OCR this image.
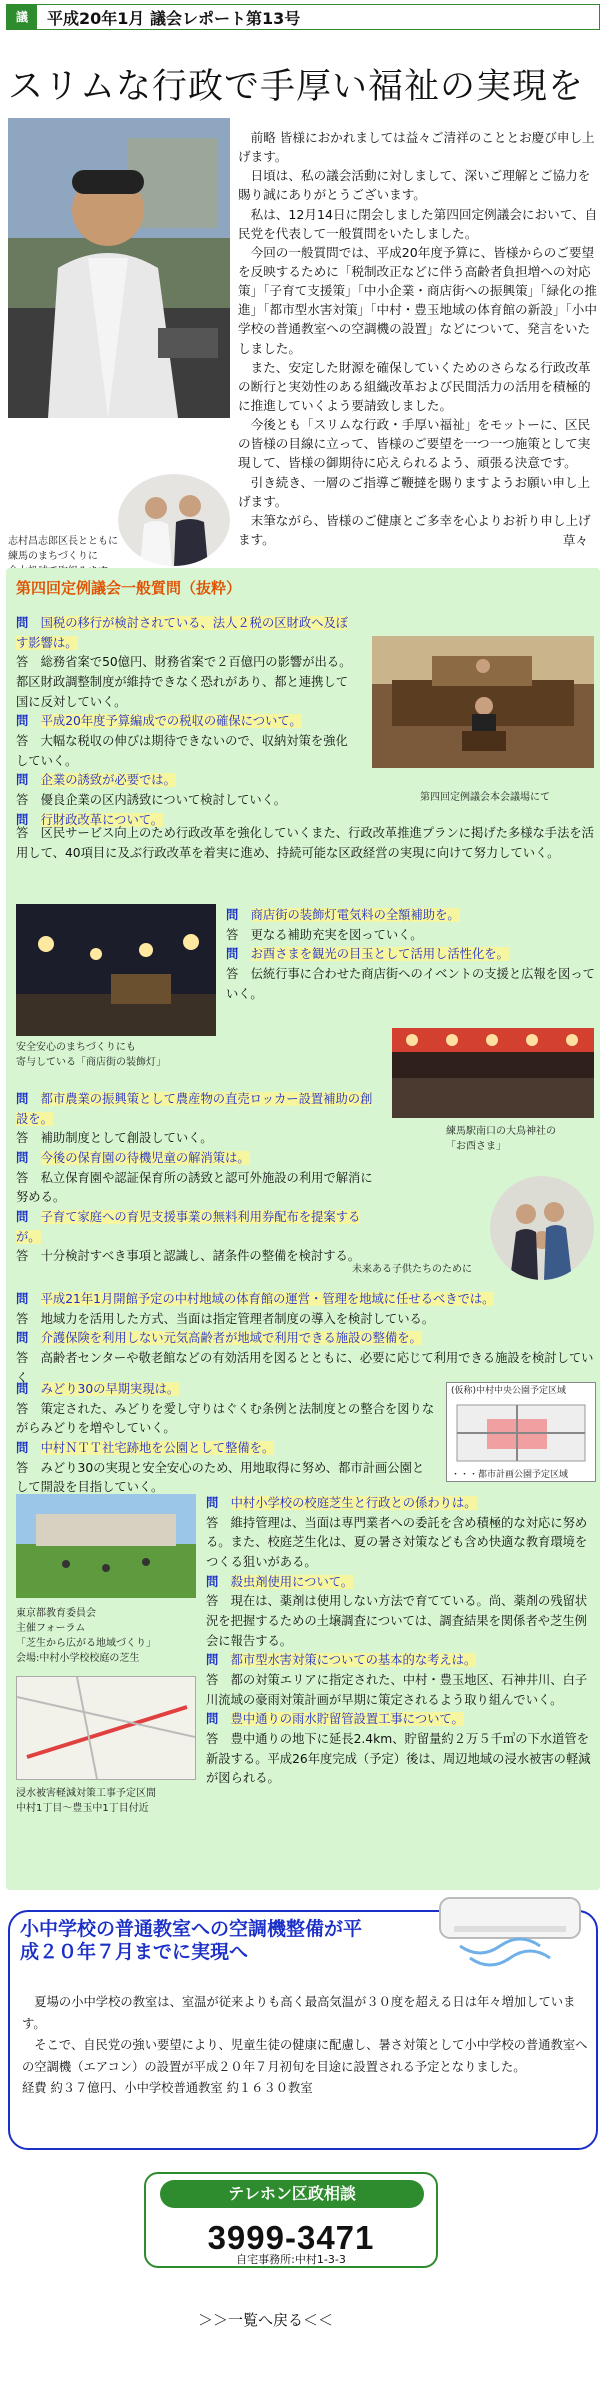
議	平成20年1月 議会レポート第13号
スリムな行政で手厚い福祉の実現を
志村昌志郎区長とともに
練馬のまちづくりに

前略 皆様におかれましては益々ご清祥のこととお慶び申し上げます。

日頃は、私の議会活動に対しまして、深いご理解とご協力を賜り誠にありがとうございます。

私は、12月14日に閉会しました第四回定例議会において、自民党を代表して一般質問をいたしました。

今回の一般質問では、平成20年度予算に、皆様からのご要望を反映するために「税制改正などに伴う高齢者負担増への対応策」「子育て支援策」「中小企業・商店街への振興策」「緑化の推進」「都市型水害対策」「中村・豊玉地域の体育館の新設」「小中学校の普通教室への空調機の設置」などについて、発言をいたしました。

また、安定した財源を確保していくためのさらなる行政改革の断行と実効性のある組織改革および民間活力の活用を積極的に推進していくよう要請致しました。

今後とも「スリムな行政・手厚い福祉」をモットーに、区民の皆様の目線に立って、皆様のご要望を一つ一つ施策として実現して、皆様の御期待に応えられるよう、頑張る決意です。

引き続き、一層のご指導ご鞭撻を賜りますようお願い申し上げます。

末筆ながら、皆様のご健康とご多幸を心よりお祈り申し上げます。	草々

第四回定例議会一般質問（抜粋）
問　国税の移行が検討されている、法人２税の区財政へ及ぼす影響は。
答　総務省案で50億円、財務省案で２百億円の影響が出る。都区財政調整制度が維持できなく恐れがあり、都と連携して国に反対していく。
問　平成20年度予算編成での税収の確保について。
答　大幅な税収の伸びは期待できないので、収納対策を強化していく。
問　企業の誘致が必要では。
答　優良企業の区内誘致について検討していく。
問　行財政改革について。
第四回定例議会本会議場にて
答　区民サービス向上のため行政改革を強化していくまた、行政改革推進プランに掲げた多様な手法を活用して、40項目に及ぶ行政改革を着実に進め、持続可能な区政経営の実現に向けて努力していく。
安全安心のまちづくりにも
寄与している「商店街の装飾灯」
問　商店街の装飾灯電気料の全額補助を。
答　更なる補助充実を図っていく。
問　お酉さまを観光の目玉として活用し活性化を。
答　伝統行事に合わせた商店街へのイベントの支援と広報を図っていく。
練馬駅南口の大鳥神社の
「お酉さま」
問　都市農業の振興策として農産物の直売ロッカー設置補助の創設を。
答　補助制度として創設していく。
問　今後の保育園の待機児童の解消策は。
答　私立保育園や認証保育所の誘致と認可外施設の利用で解消に努める。
問　子育て家庭への育児支援事業の無料利用券配布を提案するが。
答　十分検討すべき事項と認識し、諸条件の整備を検討する。
未来ある子供たちのために
問　平成21年1月開館予定の中村地域の体育館の運営・管理を地域に任せるべきでは。
答　地域力を活用した方式、当面は指定管理者制度の導入を検討している。
問　介護保険を利用しない元気高齢者が地域で利用できる施設の整備を。
答　高齢者センターや敬老館などの有効活用を図るとともに、必要に応じて利用できる施設を検討していく
問　みどり30の早期実現は。
答　策定された、みどりを愛し守りはぐくむ条例と法制度との整合を図りながらみどりを増やしていく。
問　中村ＮＴＴ社宅跡地を公園として整備を。
答　みどり30の実現と安全安心のため、用地取得に努め、都市計画公園として開設を目指していく。
(仮称)中村中央公園予定区域
・・・都市計画公園予定区域
東京都教育委員会
主催フォーラム
「芝生から広がる地域づくり」
会場:中村小学校校庭の芝生
浸水被害軽減対策工事予定区間
中村1丁目～豊玉中1丁目付近
問　中村小学校の校庭芝生と行政との係わりは。
答　維持管理は、当面は専門業者への委託を含め積極的な対応に努める。また、校庭芝生化は、夏の暑さ対策なども含め快適な教育環境をつくる狙いがある。
問　殺虫剤使用について。
答　現在は、薬剤は使用しない方法で育てている。尚、薬剤の残留状況を把握するための土壌調査については、調査結果を関係者や芝生例会に報告する。
問　都市型水害対策についての基本的な考えは。
答　都の対策エリアに指定された、中村・豊玉地区、石神井川、白子川流域の豪雨対策計画が早期に策定されるよう取り組んでいく。
問　豊中通りの雨水貯留管設置工事について。
答　豊中通りの地下に延長2.4km、貯留量約２万５千㎥の下水道管を新設する。平成26年度完成（予定）後は、周辺地域の浸水被害の軽減が図られる。
小中学校の普通教室への空調機整備が平成２０年７月までに実現へ

夏場の小中学校の教室は、室温が従来よりも高く最高気温が３０度を超える日は年々増加しています。

そこで、自民党の強い要望により、児童生徒の健康に配慮し、暑さ対策として小中学校の普通教室への空調機（エアコン）の設置が平成２０年７月初旬を目途に設置される予定となりました。

経費 約３７億円、小中学校普通教室 約１６３０教室

テレホン区政相談
3999-3471
自宅事務所:中村1-3-3
＞＞一覧へ戻る＜＜
